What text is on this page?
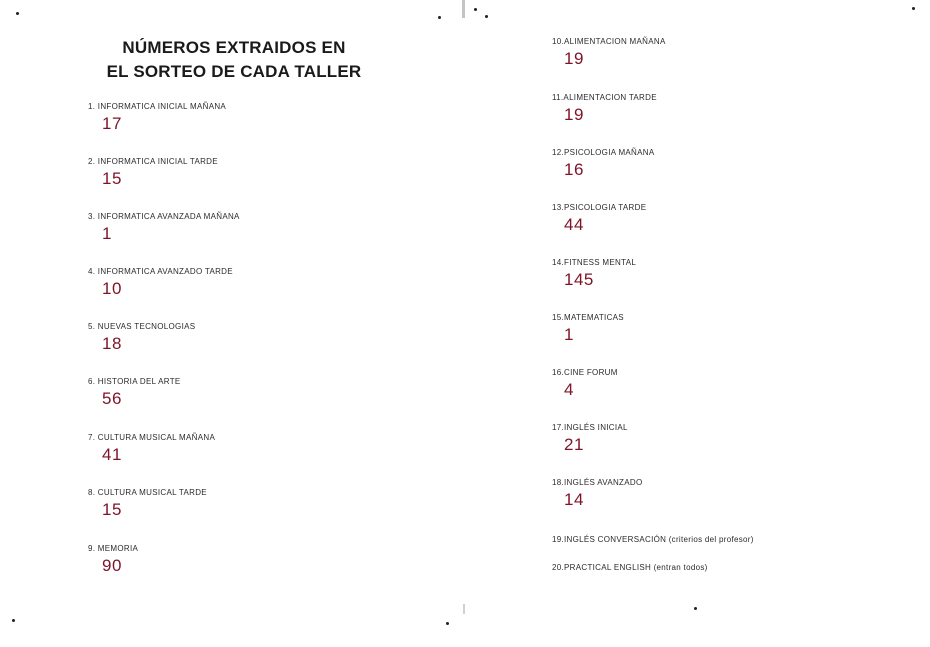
NÚMEROS EXTRAIDOS EN
EL SORTEO DE CADA TALLER
1. INFORMATICA INICIAL MAÑANA
17
2. INFORMATICA INICIAL TARDE
15
3. INFORMATICA AVANZADA MAÑANA
1
4. INFORMATICA AVANZADO TARDE
10
5. NUEVAS TECNOLOGIAS
18
6. HISTORIA DEL ARTE
56
7. CULTURA MUSICAL MAÑANA
41
8. CULTURA MUSICAL TARDE
15
9. MEMORIA
90
10.ALIMENTACION MAÑANA
19
11.ALIMENTACION TARDE
19
12.PSICOLOGIA MAÑANA
16
13.PSICOLOGIA TARDE
44
14.FITNESS MENTAL
145
15.MATEMATICAS
1
16.CINE FORUM
4
17.INGLÉS INICIAL
21
18.INGLÉS AVANZADO
14
19.INGLÉS CONVERSACIÓN (criterios del profesor)
20.PRACTICAL ENGLISH (entran todos)
